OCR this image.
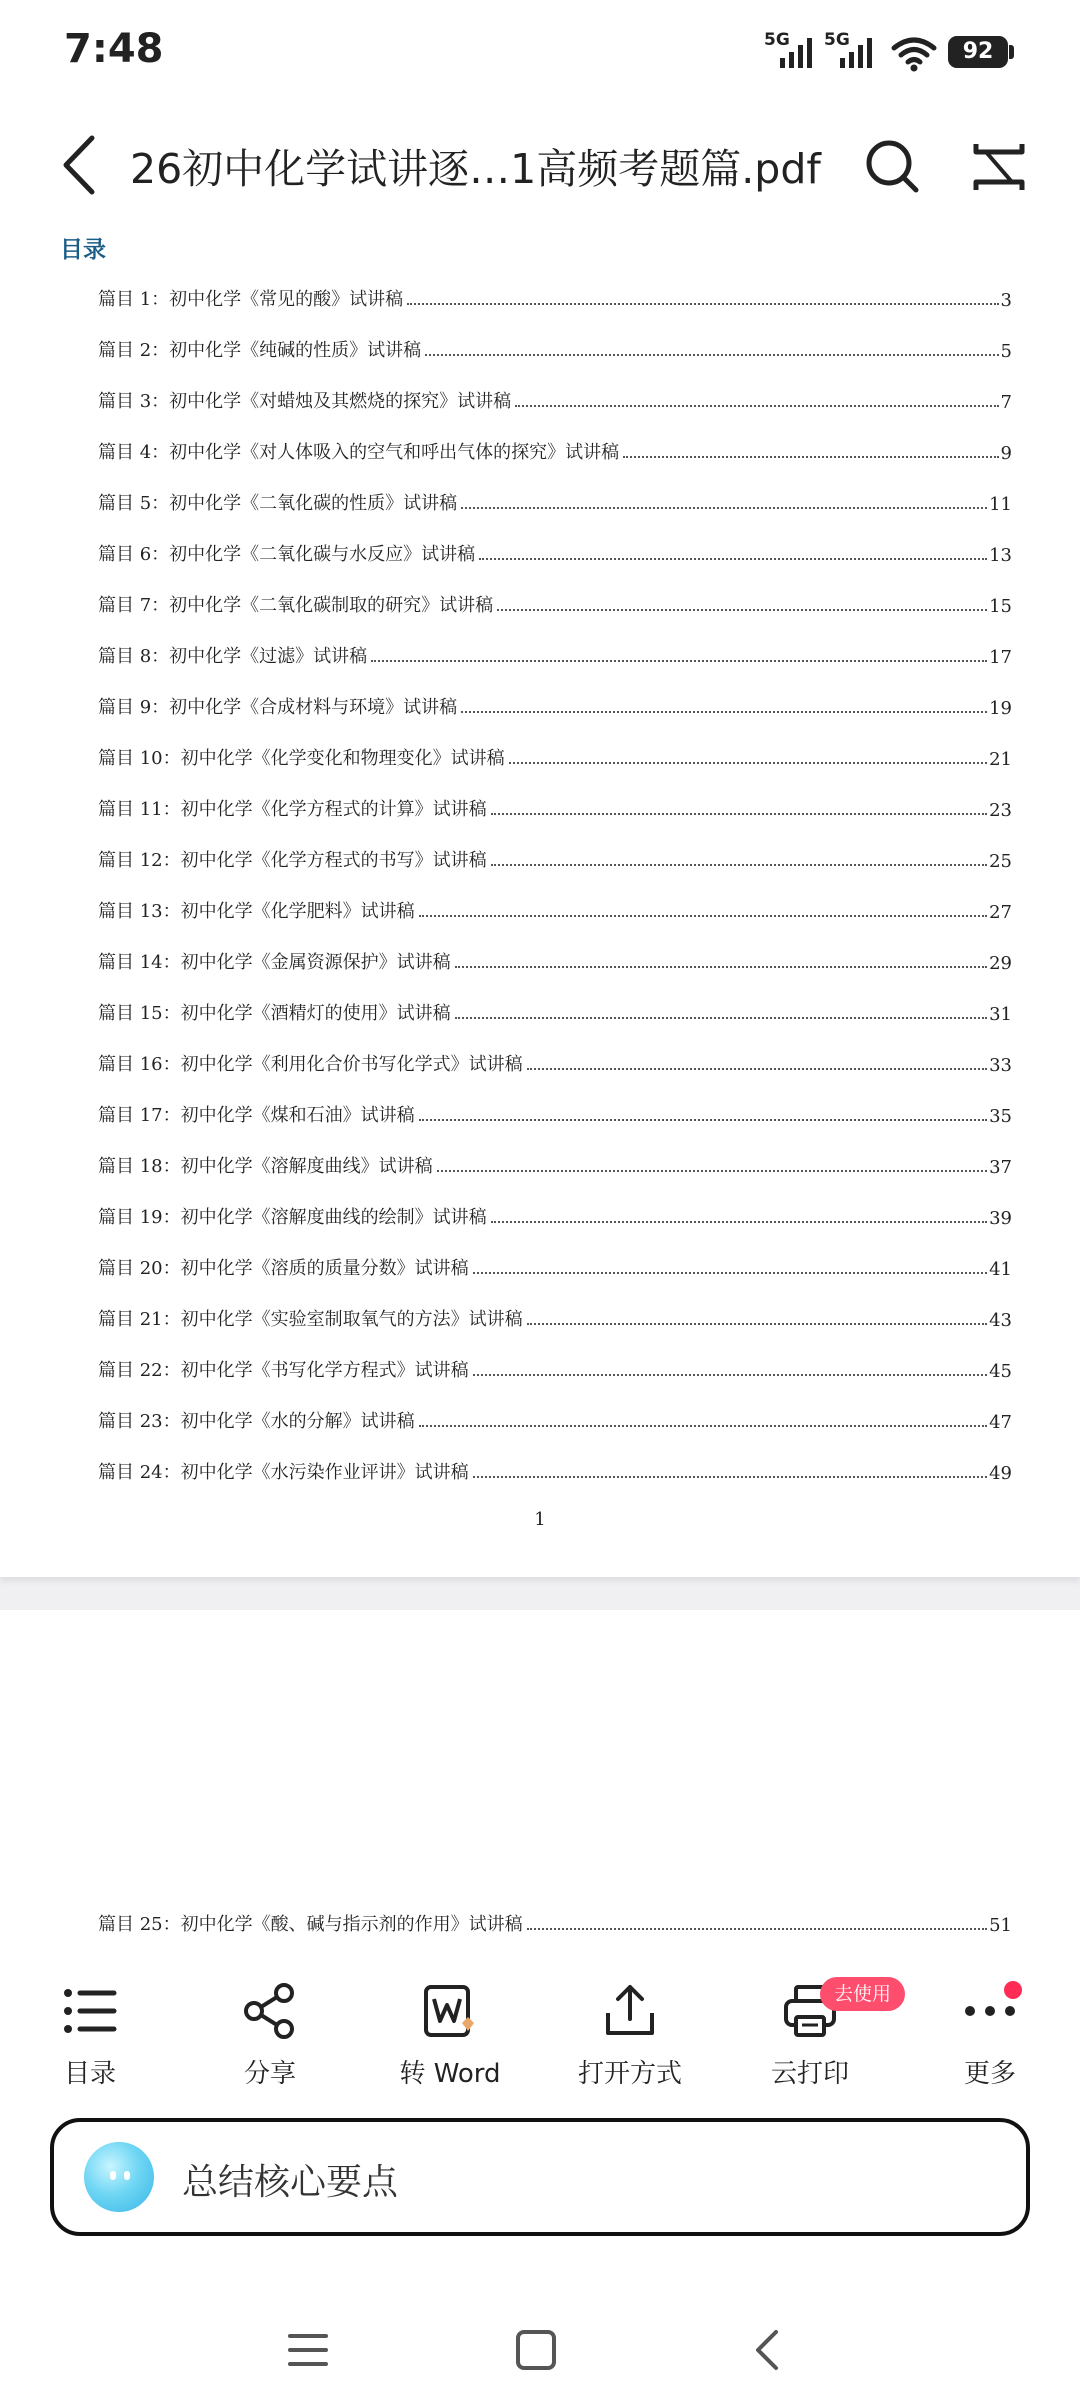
7:48	5G 5G	92
26初中化学试讲逐…1高频考题篇.pdf
目录
篇目 1：初中化学《常见的酸》试讲稿	3
篇目 2：初中化学《纯碱的性质》试讲稿	5
篇目 3：初中化学《对蜡烛及其燃烧的探究》试讲稿	7
篇目 4：初中化学《对人体吸入的空气和呼出气体的探究》试讲稿	9
篇目 5：初中化学《二氧化碳的性质》试讲稿	11
篇目 6：初中化学《二氧化碳与水反应》试讲稿	13
篇目 7：初中化学《二氧化碳制取的研究》试讲稿	15
篇目 8：初中化学《过滤》试讲稿	17
篇目 9：初中化学《合成材料与环境》试讲稿	19
篇目 10：初中化学《化学变化和物理变化》试讲稿	21
篇目 11：初中化学《化学方程式的计算》试讲稿	23
篇目 12：初中化学《化学方程式的书写》试讲稿	25
篇目 13：初中化学《化学肥料》试讲稿	27
篇目 14：初中化学《金属资源保护》试讲稿	29
篇目 15：初中化学《酒精灯的使用》试讲稿	31
篇目 16：初中化学《利用化合价书写化学式》试讲稿	33
篇目 17：初中化学《煤和石油》试讲稿	35
篇目 18：初中化学《溶解度曲线》试讲稿	37
篇目 19：初中化学《溶解度曲线的绘制》试讲稿	39
篇目 20：初中化学《溶质的质量分数》试讲稿	41
篇目 21：初中化学《实验室制取氧气的方法》试讲稿	43
篇目 22：初中化学《书写化学方程式》试讲稿	45
篇目 23：初中化学《水的分解》试讲稿	47
篇目 24：初中化学《水污染作业评讲》试讲稿	49
1
篇目 25：初中化学《酸、碱与指示剂的作用》试讲稿	51
目录	分享	转 Word	打开方式	云打印
去使用
更多
总结核心要点
